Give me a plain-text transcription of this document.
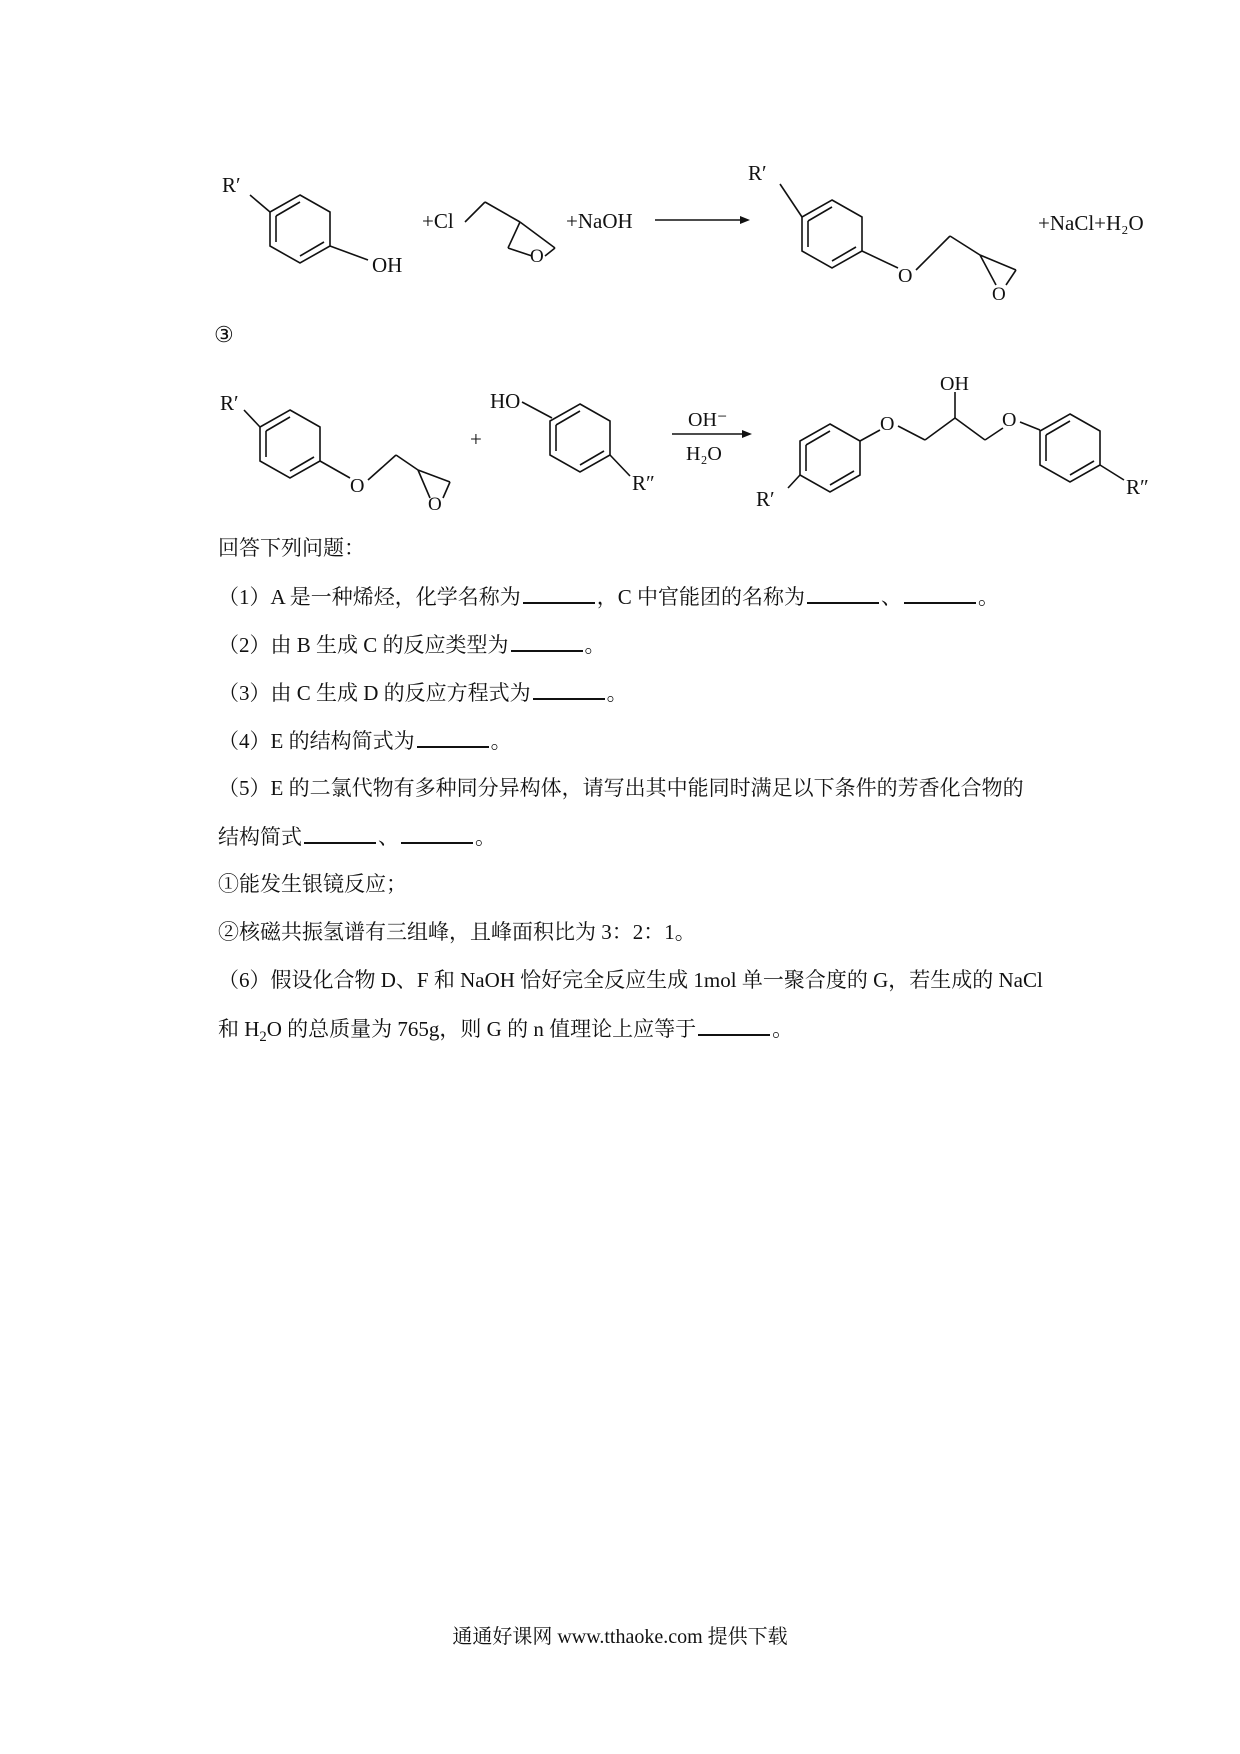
R′
OH
+Cl
O
+NaOH
R′
O
O
+NaCl+H₂O
③
R′
O
O
+
HO
R″
OH⁻
H₂O
R′
O
OH
O
R″
回答下列问题：
（1）A 是一种烯烃，化学名称为	，C 中官能团的名称为	、	。
（2）由 B 生成 C 的反应类型为	。
（3）由 C 生成 D 的反应方程式为	。
（4）E 的结构简式为	。
（5）E 的二氯代物有多种同分异构体，请写出其中能同时满足以下条件的芳香化合物的
结构简式	、	。
①能发生银镜反应；
②核磁共振氢谱有三组峰，且峰面积比为 3：2：1。
（6）假设化合物 D、F 和 NaOH 恰好完全反应生成 1mol 单一聚合度的 G，若生成的 NaCl
和 $H_2O$ 的总质量为 765g，则 G 的 n 值理论上应等于	。
通通好课网 www.tthaoke.com 提供下载
